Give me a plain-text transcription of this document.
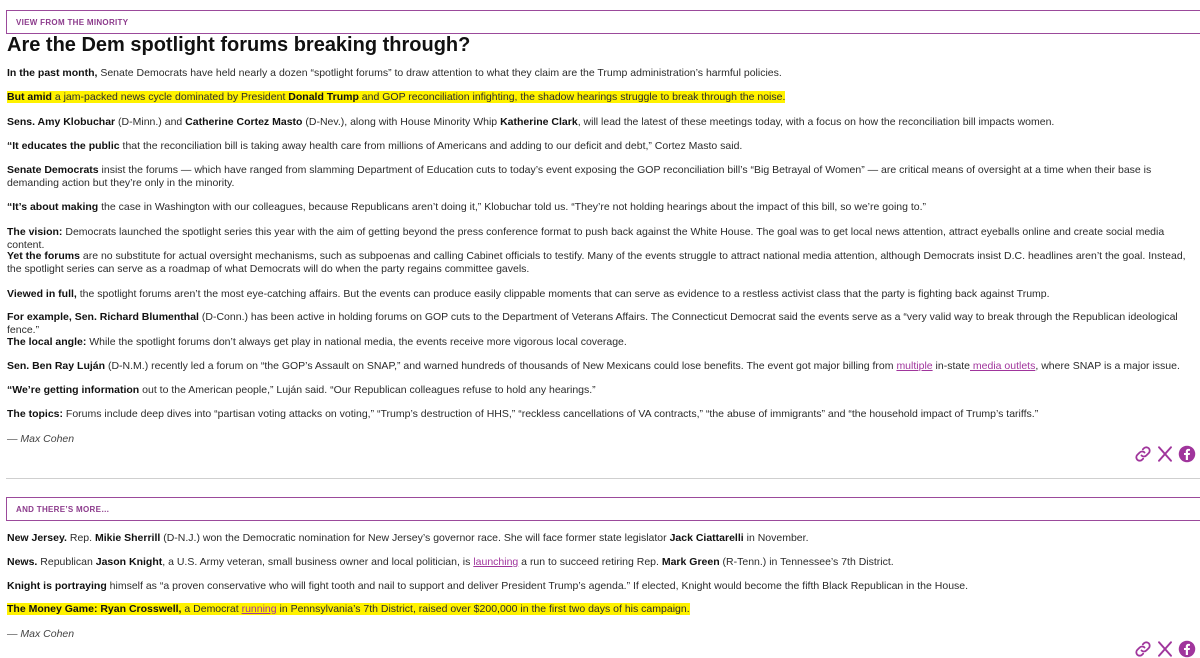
VIEW FROM THE MINORITY
Are the Dem spotlight forums breaking through?

In the past month, Senate Democrats have held nearly a dozen “spotlight forums” to draw attention to what they claim are the Trump administration’s harmful policies.

But amid a jam-packed news cycle dominated by President Donald Trump and GOP reconciliation infighting, the shadow hearings struggle to break through the noise.

Sens. Amy Klobuchar (D-Minn.) and Catherine Cortez Masto (D-Nev.), along with House Minority Whip Katherine Clark, will lead the latest of these meetings today, with a focus on how the reconciliation bill impacts women.

“It educates the public that the reconciliation bill is taking away health care from millions of Americans and adding to our deficit and debt,” Cortez Masto said.

Senate Democrats insist the forums — which have ranged from slamming Department of Education cuts to today’s event exposing the GOP reconciliation bill’s “Big Betrayal of Women” — are critical means of oversight at a time when their base is demanding action but they’re only in the minority.

“It’s about making the case in Washington with our colleagues, because Republicans aren’t doing it,” Klobuchar told us. “They’re not holding hearings about the impact of this bill, so we’re going to.”

The vision: Democrats launched the spotlight series this year with the aim of getting beyond the press conference format to push back against the White House. The goal was to get local news attention, attract eyeballs online and create social media content.

Yet the forums are no substitute for actual oversight mechanisms, such as subpoenas and calling Cabinet officials to testify. Many of the events struggle to attract national media attention, although Democrats insist D.C. headlines aren’t the goal. Instead, the spotlight series can serve as a roadmap of what Democrats will do when the party regains committee gavels.

Viewed in full, the spotlight forums aren’t the most eye-catching affairs. But the events can produce easily clippable moments that can serve as evidence to a restless activist class that the party is fighting back against Trump.

For example, Sen. Richard Blumenthal (D-Conn.) has been active in holding forums on GOP cuts to the Department of Veterans Affairs. The Connecticut Democrat said the events serve as a “very valid way to break through the Republican ideological fence.”

The local angle: While the spotlight forums don’t always get play in national media, the events receive more vigorous local coverage.

Sen. Ben Ray Luján (D-N.M.) recently led a forum on “the GOP’s Assault on SNAP,” and warned hundreds of thousands of New Mexicans could lose benefits. The event got major billing from multiple in-state media outlets, where SNAP is a major issue.

“We’re getting information out to the American people,” Luján said. “Our Republican colleagues refuse to hold any hearings.”

The topics: Forums include deep dives into “partisan voting attacks on voting,” “Trump’s destruction of HHS,” “reckless cancellations of VA contracts,” “the abuse of immigrants” and “the household impact of Trump’s tariffs.”

— Max Cohen

AND THERE’S MORE…

New Jersey. Rep. Mikie Sherrill (D-N.J.) won the Democratic nomination for New Jersey’s governor race. She will face former state legislator Jack Ciattarelli in November.

News. Republican Jason Knight, a U.S. Army veteran, small business owner and local politician, is launching a run to succeed retiring Rep. Mark Green (R-Tenn.) in Tennessee’s 7th District.

Knight is portraying himself as “a proven conservative who will fight tooth and nail to support and deliver President Trump’s agenda.” If elected, Knight would become the fifth Black Republican in the House.

The Money Game: Ryan Crosswell, a Democrat running in Pennsylvania’s 7th District, raised over $200,000 in the first two days of his campaign.

— Max Cohen
